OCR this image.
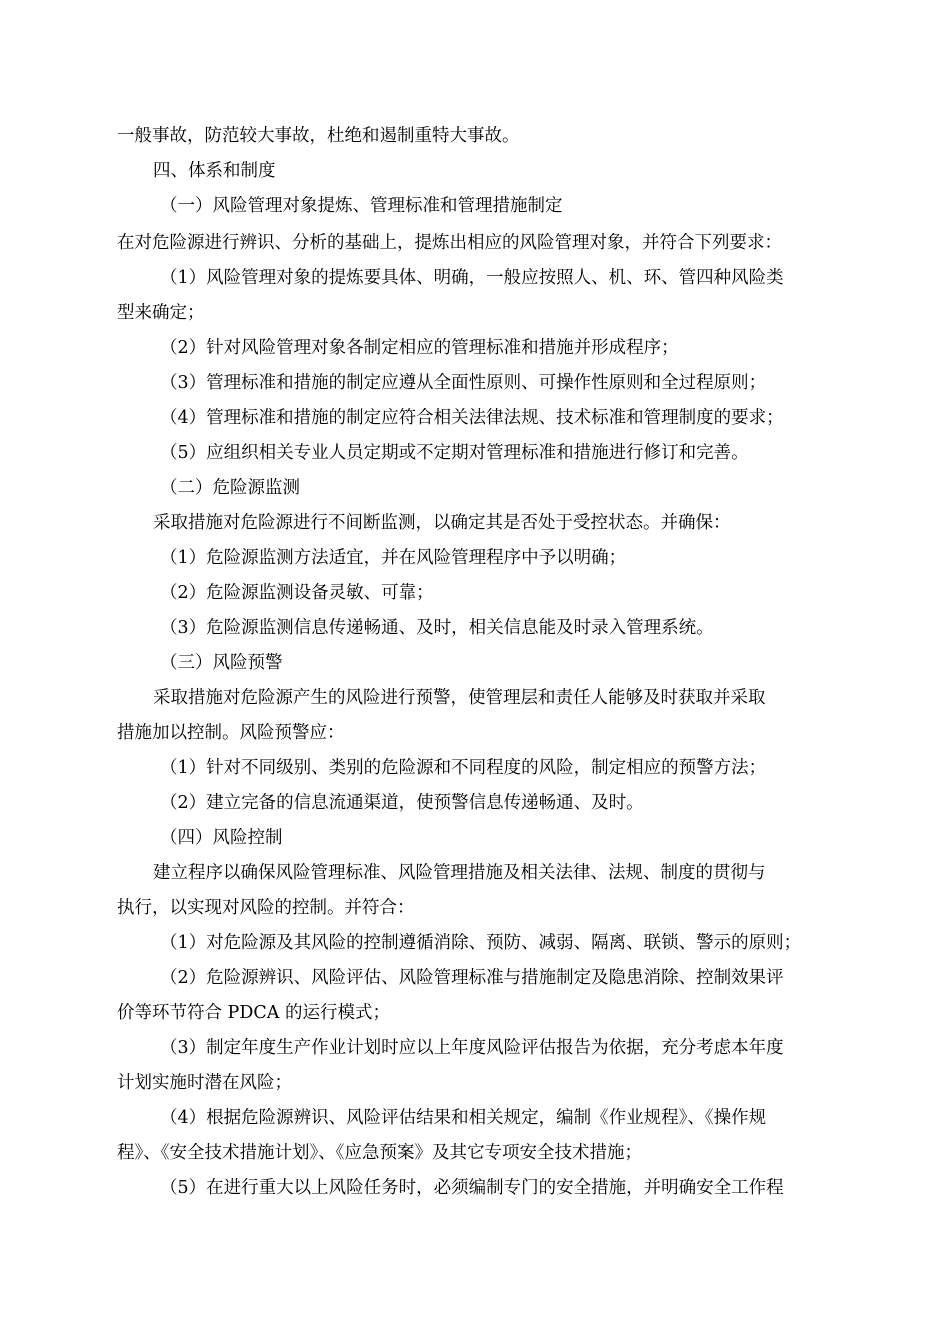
一般事故，防范较大事故，杜绝和遏制重特大事故。
四、体系和制度
（一）风险管理对象提炼、管理标准和管理措施制定
在对危险源进行辨识、分析的基础上，提炼出相应的风险管理对象，并符合下列要求：
（1）风险管理对象的提炼要具体、明确，一般应按照人、机、环、管四种风险类
型来确定；
（2）针对风险管理对象各制定相应的管理标准和措施并形成程序；
（3）管理标准和措施的制定应遵从全面性原则、可操作性原则和全过程原则；
（4）管理标准和措施的制定应符合相关法律法规、技术标准和管理制度的要求；
（5）应组织相关专业人员定期或不定期对管理标准和措施进行修订和完善。
（二）危险源监测
采取措施对危险源进行不间断监测，以确定其是否处于受控状态。并确保：
（1）危险源监测方法适宜，并在风险管理程序中予以明确；
（2）危险源监测设备灵敏、可靠；
（3）危险源监测信息传递畅通、及时，相关信息能及时录入管理系统。
（三）风险预警
采取措施对危险源产生的风险进行预警，使管理层和责任人能够及时获取并采取
措施加以控制。风险预警应：
（1）针对不同级别、类别的危险源和不同程度的风险，制定相应的预警方法；
（2）建立完备的信息流通渠道，使预警信息传递畅通、及时。
（四）风险控制
建立程序以确保风险管理标准、风险管理措施及相关法律、法规、制度的贯彻与
执行，以实现对风险的控制。并符合：
（1）对危险源及其风险的控制遵循消除、预防、减弱、隔离、联锁、警示的原则；
（2）危险源辨识、风险评估、风险管理标准与措施制定及隐患消除、控制效果评
价等环节符合 PDCA 的运行模式；
（3）制定年度生产作业计划时应以上年度风险评估报告为依据，充分考虑本年度
计划实施时潜在风险；
（4）根据危险源辨识、风险评估结果和相关规定，编制《作业规程》、《操作规
程》、《安全技术措施计划》、《应急预案》及其它专项安全技术措施；
（5）在进行重大以上风险任务时，必须编制专门的安全措施，并明确安全工作程
